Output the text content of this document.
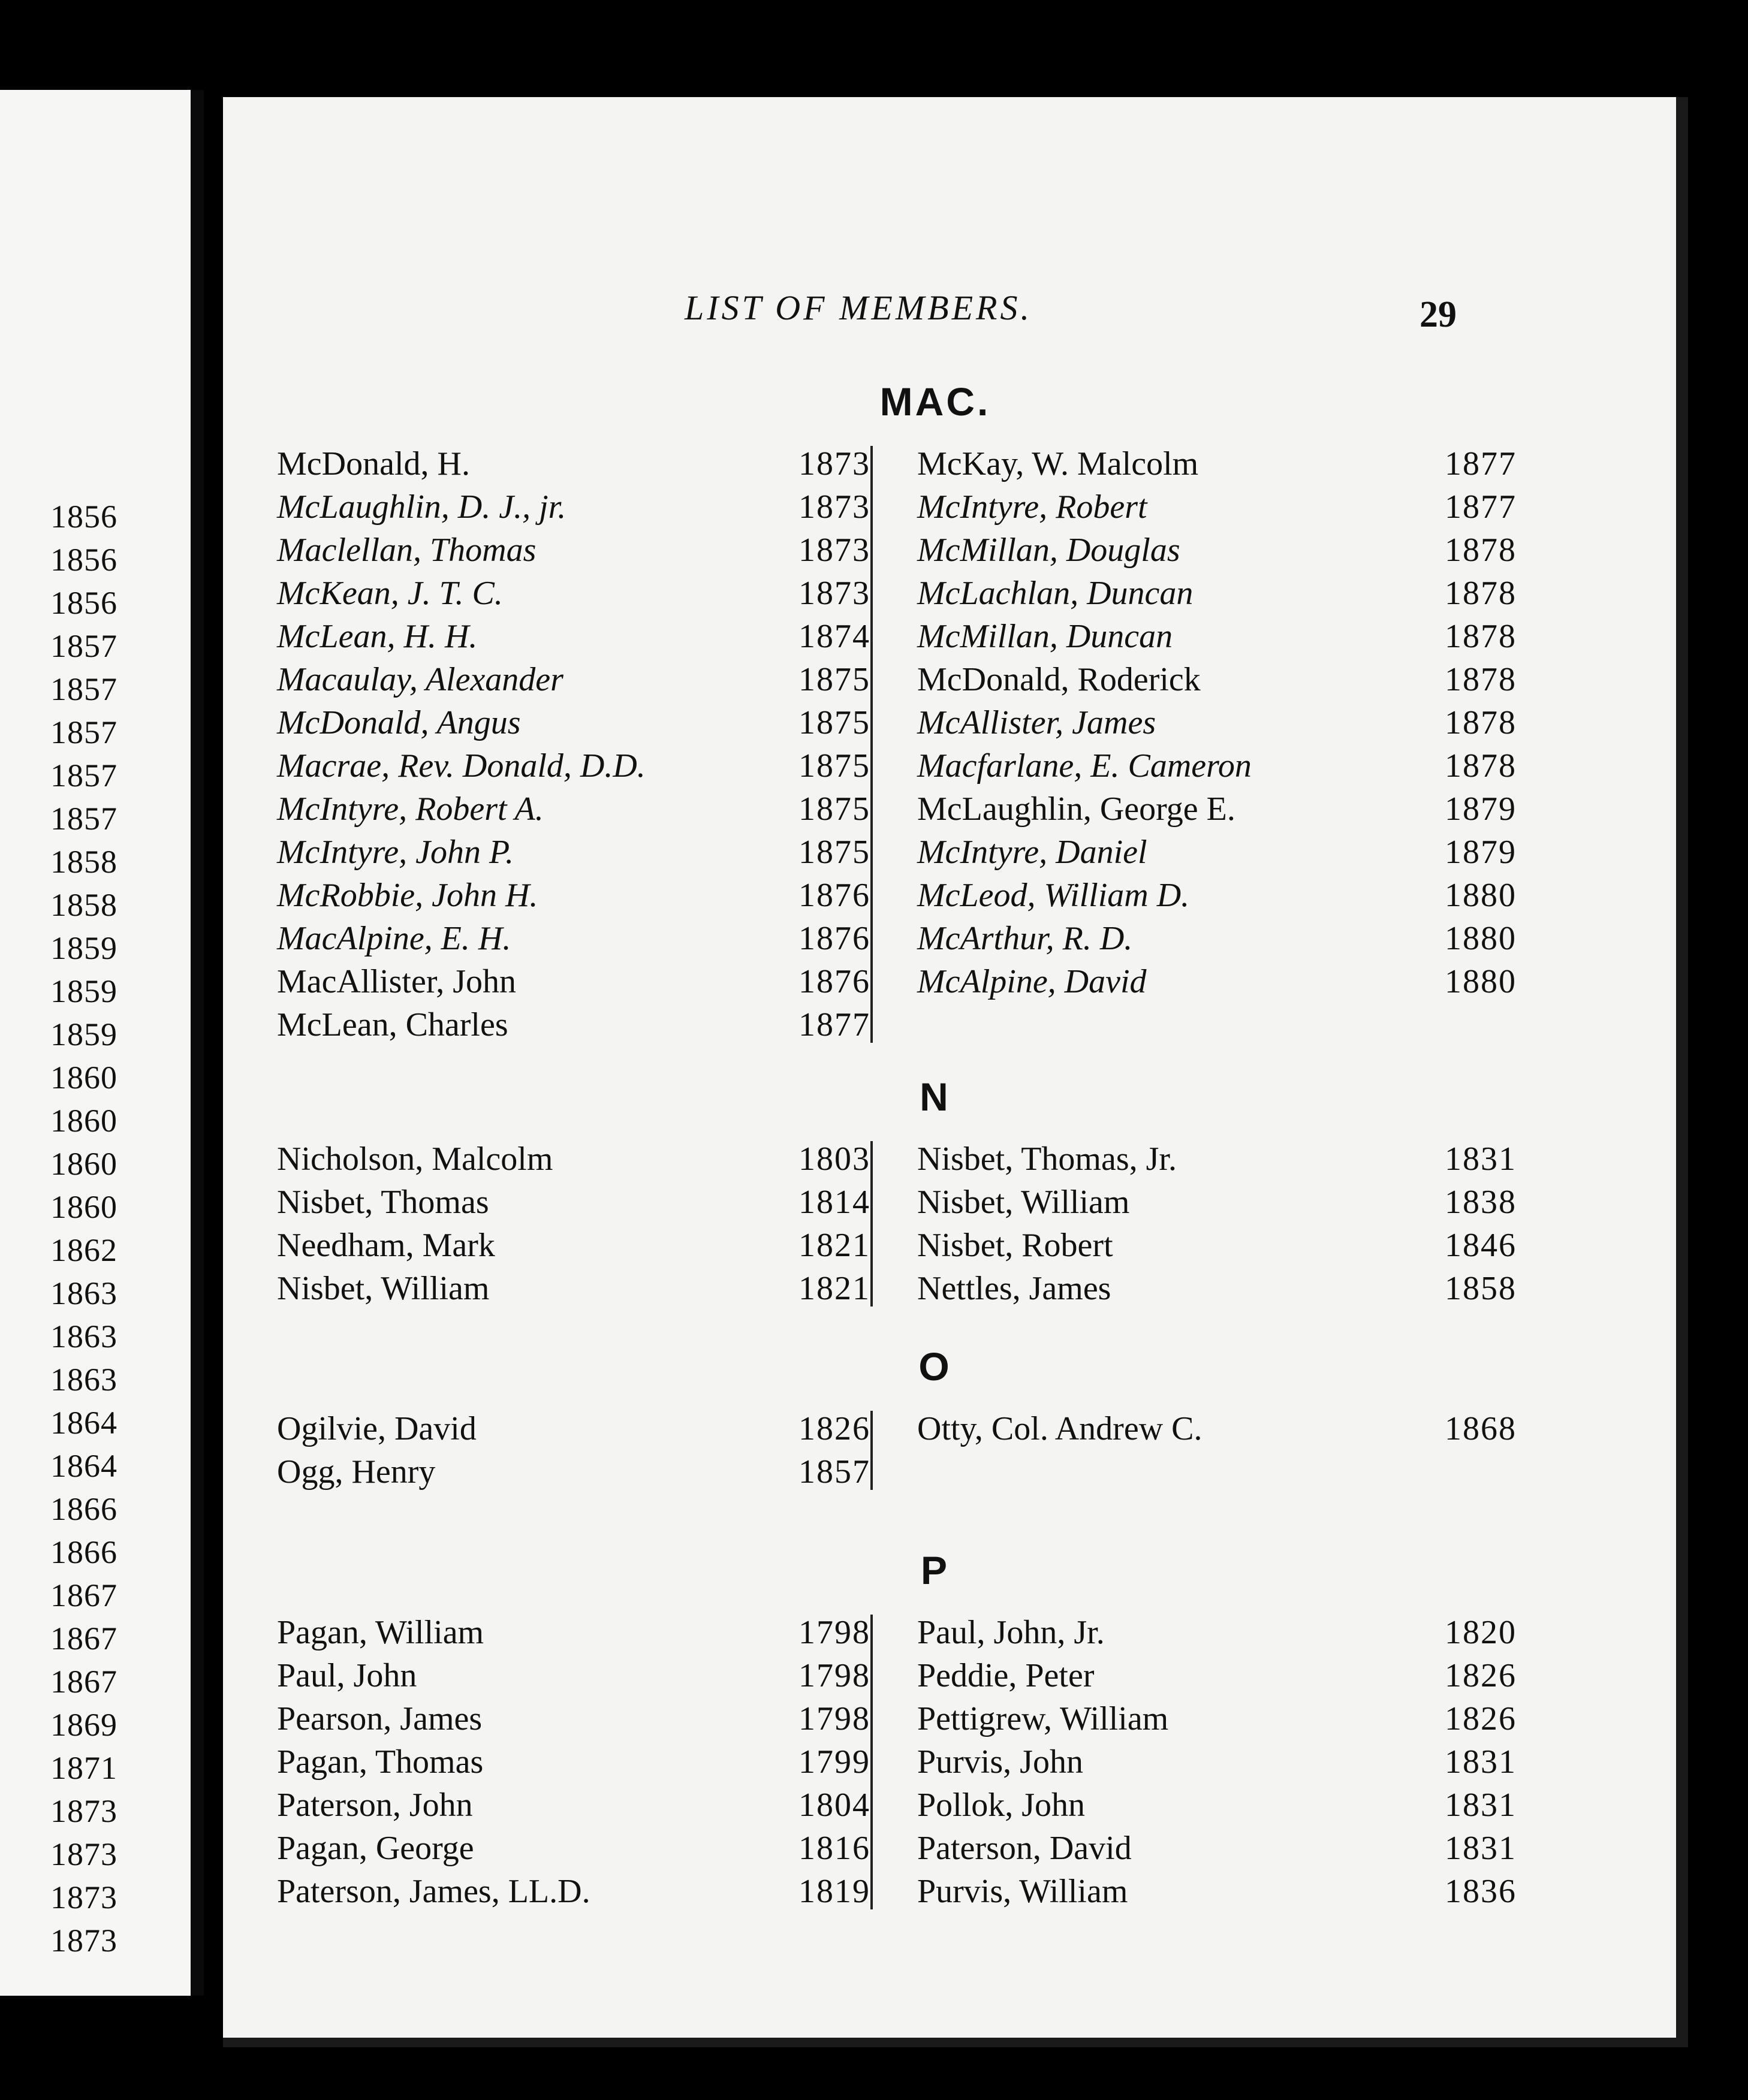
1856
1856
1856
1857
1857
1857
1857
1857
1858
1858
1859
1859
1859
1860
1860
1860
1860
1862
1863
1863
1863
1864
1864
1866
1866
1867
1867
1867
1869
1871
1873
1873
1873
1873
LIST OF MEMBERS.	29
MAC.
McDonald, H.	1873
McLaughlin, D. J., jr.	1873
Maclellan, Thomas	1873
McKean, J. T. C.	1873
McLean, H. H.	1874
Macaulay, Alexander	1875
McDonald, Angus	1875
Macrae, Rev. Donald, D.D.	1875
McIntyre, Robert A.	1875
McIntyre, John P.	1875
McRobbie, John H.	1876
MacAlpine, E. H.	1876
MacAllister, John	1876
McLean, Charles	1877
McKay, W. Malcolm	1877
McIntyre, Robert	1877
McMillan, Douglas	1878
McLachlan, Duncan	1878
McMillan, Duncan	1878
McDonald, Roderick	1878
McAllister, James	1878
Macfarlane, E. Cameron	1878
McLaughlin, George E.	1879
McIntyre, Daniel	1879
McLeod, William D.	1880
McArthur, R. D.	1880
McAlpine, David	1880
N
Nicholson, Malcolm	1803
Nisbet, Thomas	1814
Needham, Mark	1821
Nisbet, William	1821
Nisbet, Thomas, Jr.	1831
Nisbet, William	1838
Nisbet, Robert	1846
Nettles, James	1858
O
Ogilvie, David	1826
Ogg, Henry	1857
Otty, Col. Andrew C.	1868
P
Pagan, William	1798
Paul, John	1798
Pearson, James	1798
Pagan, Thomas	1799
Paterson, John	1804
Pagan, George	1816
Paterson, James, LL.D.	1819
Paul, John, Jr.	1820
Peddie, Peter	1826
Pettigrew, William	1826
Purvis, John	1831
Pollok, John	1831
Paterson, David	1831
Purvis, William	1836
